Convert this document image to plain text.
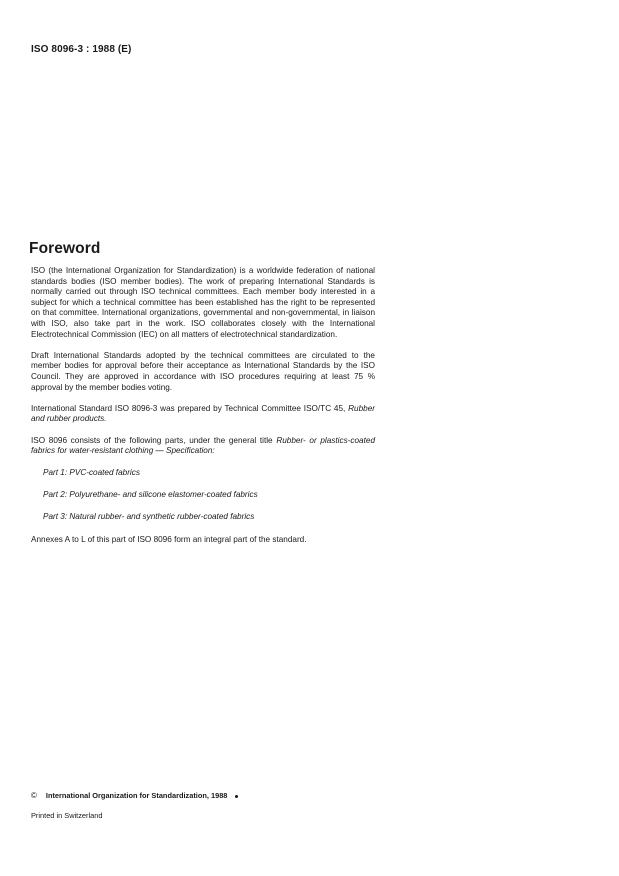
ISO 8096-3 : 1988 (E)
Foreword

ISO (the International Organization for Standardization) is a worldwide federation of national standards bodies (ISO member bodies). The work of preparing International Standards is normally carried out through ISO technical committees. Each member body interested in a subject for which a technical committee has been established has the right to be represented on that committee. International organizations, governmental and non-governmental, in liaison with ISO, also take part in the work. ISO collaborates closely with the International Electrotechnical Commission (IEC) on all matters of electrotechnical standardization.

Draft International Standards adopted by the technical committees are circulated to the member bodies for approval before their acceptance as International Standards by the ISO Council. They are approved in accordance with ISO procedures requiring at least 75 % approval by the member bodies voting.

International Standard ISO 8096-3 was prepared by Technical Committee ISO/TC 45, Rubber and rubber products.

ISO 8096 consists of the following parts, under the general title Rubber- or plastics-coated fabrics for water-resistant clothing — Specification:

Part 1: PVC-coated fabrics

Part 2: Polyurethane- and silicone elastomer-coated fabrics

Part 3: Natural rubber- and synthetic rubber-coated fabrics

Annexes A to L of this part of ISO 8096 form an integral part of the standard.

© International Organization for Standardization, 1988
Printed in Switzerland
